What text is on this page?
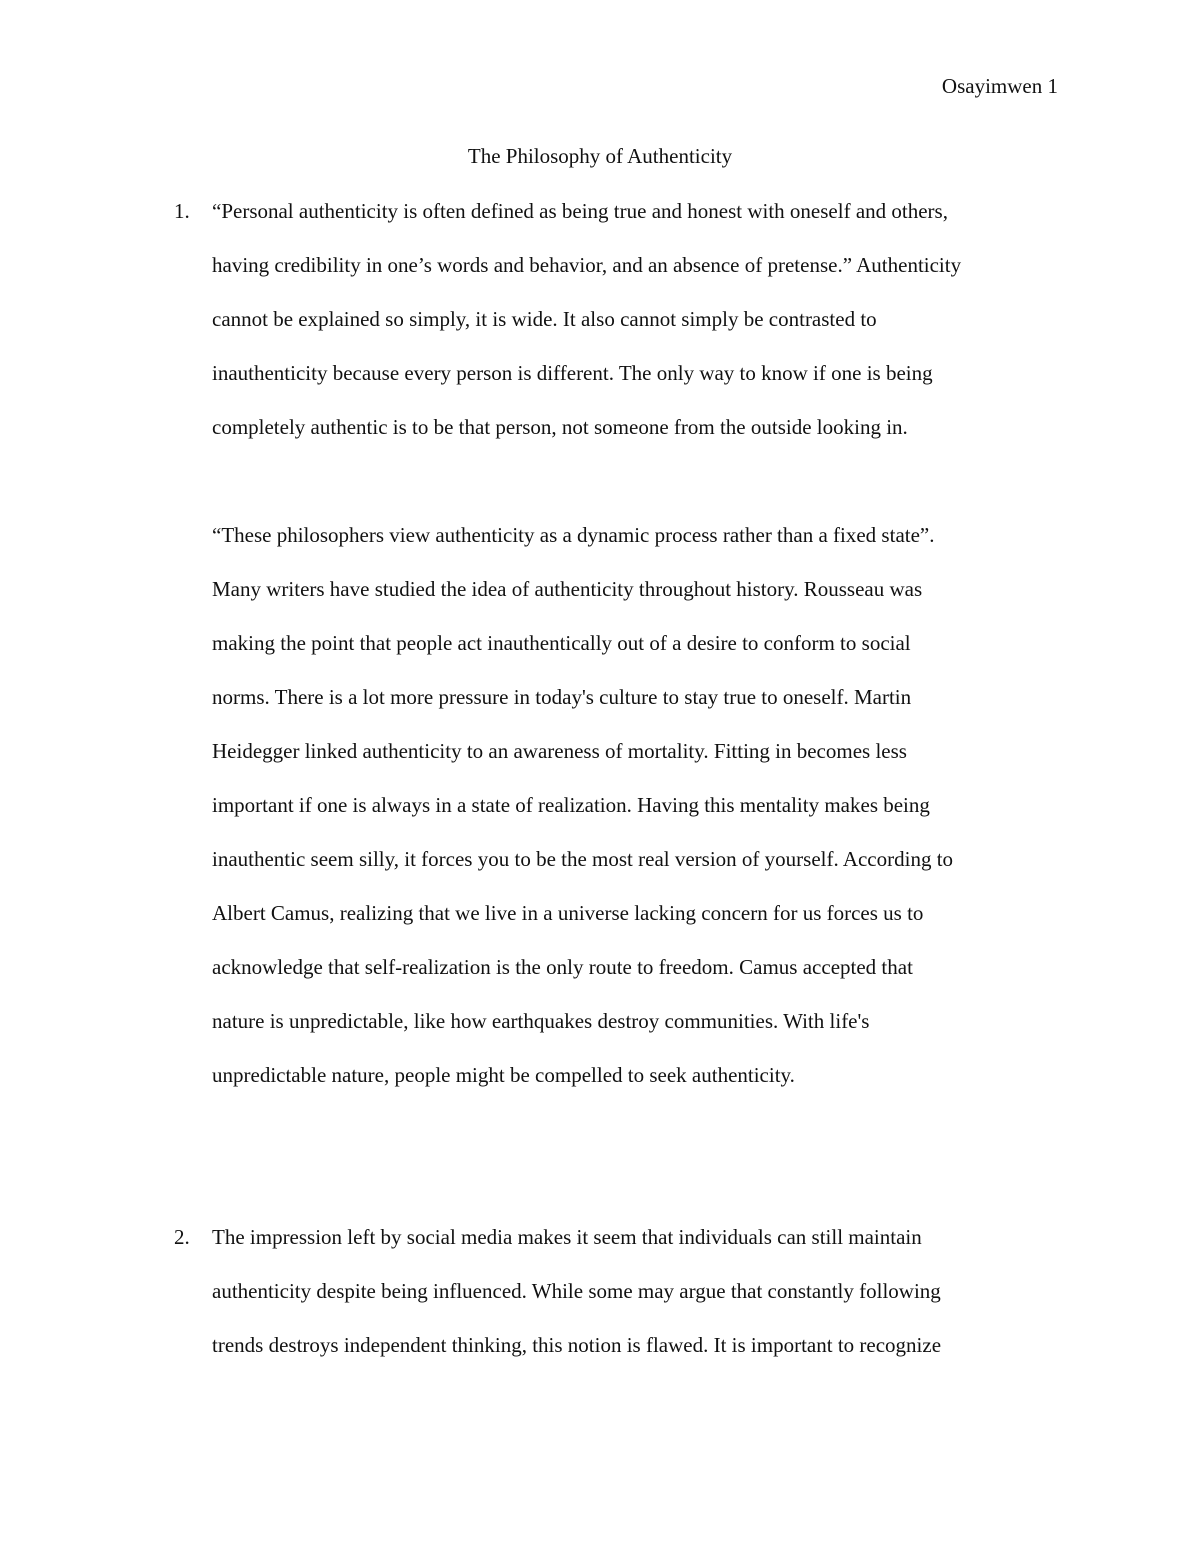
Osayimwen 1
The Philosophy of Authenticity
1. “Personal authenticity is often defined as being true and honest with oneself and others,
having credibility in one’s words and behavior, and an absence of pretense.” Authenticity
cannot be explained so simply, it is wide. It also cannot simply be contrasted to
inauthenticity because every person is different. The only way to know if one is being
completely authentic is to be that person, not someone from the outside looking in.
“These philosophers view authenticity as a dynamic process rather than a fixed state”.
Many writers have studied the idea of authenticity throughout history. Rousseau was
making the point that people act inauthentically out of a desire to conform to social
norms. There is a lot more pressure in today's culture to stay true to oneself. Martin
Heidegger linked authenticity to an awareness of mortality. Fitting in becomes less
important if one is always in a state of realization. Having this mentality makes being
inauthentic seem silly, it forces you to be the most real version of yourself. According to
Albert Camus, realizing that we live in a universe lacking concern for us forces us to
acknowledge that self-realization is the only route to freedom. Camus accepted that
nature is unpredictable, like how earthquakes destroy communities. With life's
unpredictable nature, people might be compelled to seek authenticity.
2. The impression left by social media makes it seem that individuals can still maintain
authenticity despite being influenced. While some may argue that constantly following
trends destroys independent thinking, this notion is flawed. It is important to recognize
